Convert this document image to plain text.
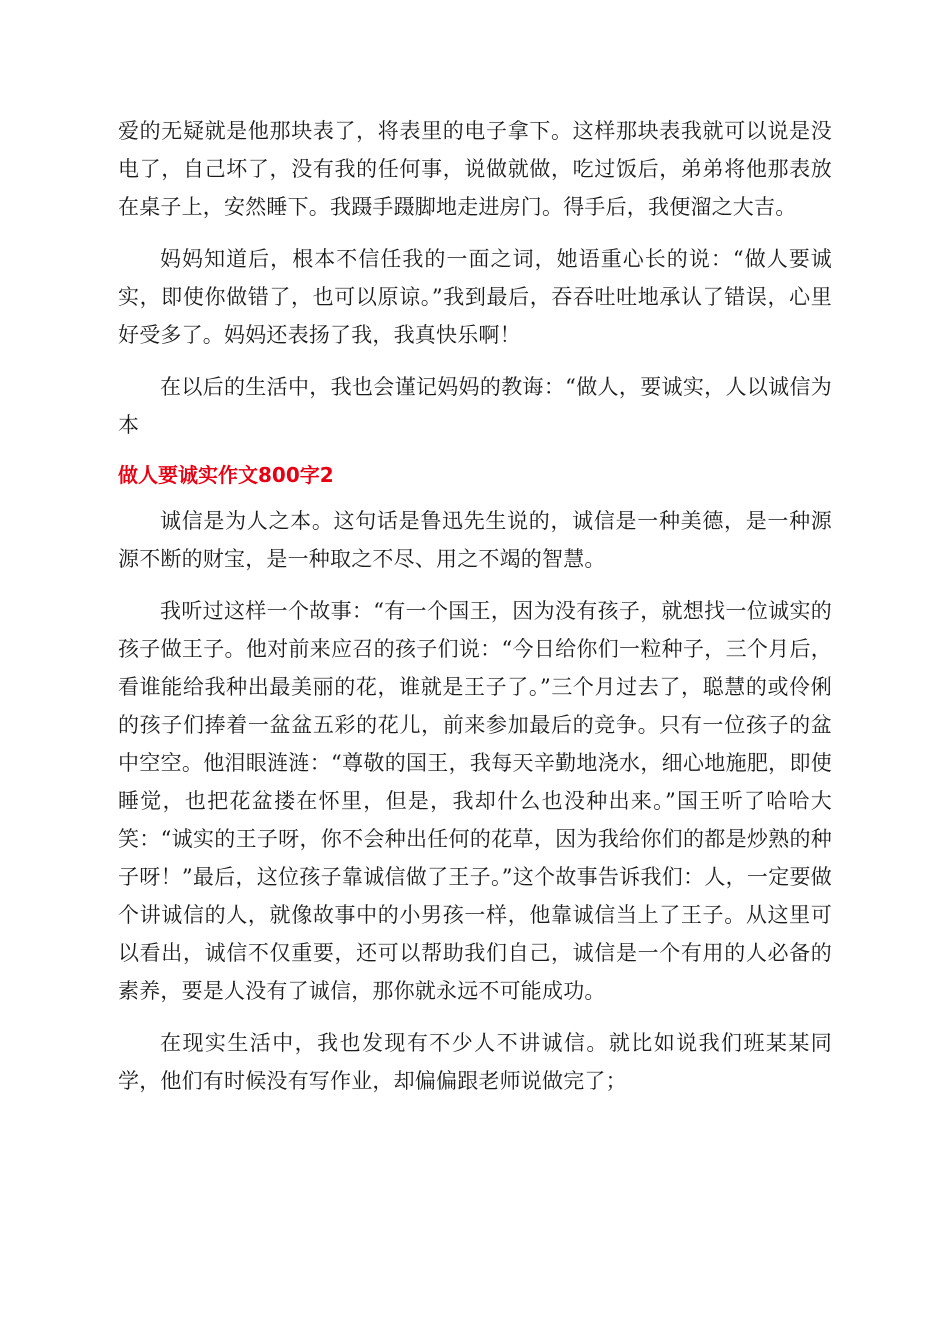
爱的无疑就是他那块表了，将表里的电子拿下。这样那块表我就可以说是没电了，自己坏了，没有我的任何事，说做就做，吃过饭后，弟弟将他那表放在桌子上，安然睡下。我蹑手蹑脚地走进房门。得手后，我便溜之大吉。

妈妈知道后，根本不信任我的一面之词，她语重心长的说：“做人要诚实，即使你做错了，也可以原谅。”我到最后，吞吞吐吐地承认了错误，心里好受多了。妈妈还表扬了我，我真快乐啊！

在以后的生活中，我也会谨记妈妈的教诲：“做人，要诚实，人以诚信为本

做人要诚实作文800字2

诚信是为人之本。这句话是鲁迅先生说的，诚信是一种美德，是一种源源不断的财宝，是一种取之不尽、用之不竭的智慧。

我听过这样一个故事：“有一个国王，因为没有孩子，就想找一位诚实的孩子做王子。他对前来应召的孩子们说：“今日给你们一粒种子，三个月后，看谁能给我种出最美丽的花，谁就是王子了。”三个月过去了，聪慧的或伶俐的孩子们捧着一盆盆五彩的花儿，前来参加最后的竞争。只有一位孩子的盆中空空。他泪眼涟涟：“尊敬的国王，我每天辛勤地浇水，细心地施肥，即使睡觉，也把花盆搂在怀里，但是，我却什么也没种出来。”国王听了哈哈大笑：“诚实的王子呀，你不会种出任何的花草，因为我给你们的都是炒熟的种子呀！”最后，这位孩子靠诚信做了王子。”这个故事告诉我们：人，一定要做个讲诚信的人，就像故事中的小男孩一样，他靠诚信当上了王子。从这里可以看出，诚信不仅重要，还可以帮助我们自己，诚信是一个有用的人必备的素养，要是人没有了诚信，那你就永远不可能成功。

在现实生活中，我也发现有不少人不讲诚信。就比如说我们班某某同学，他们有时候没有写作业，却偏偏跟老师说做完了；
